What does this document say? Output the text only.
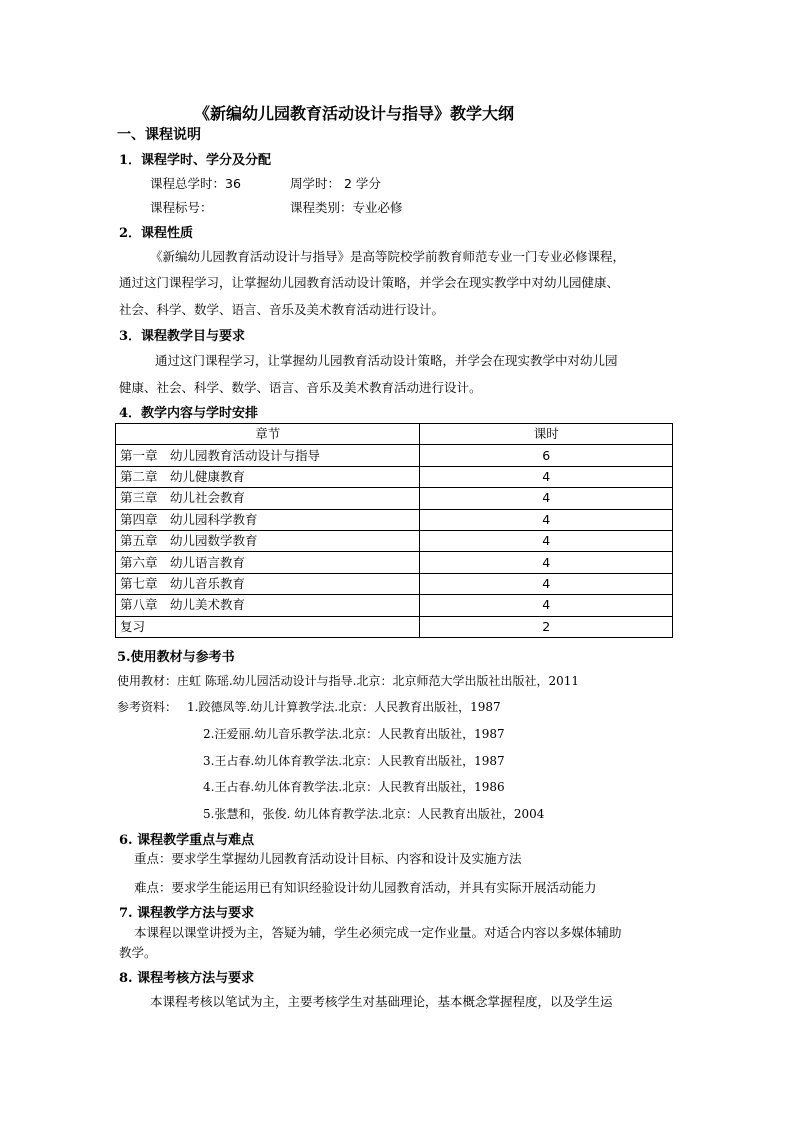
《新编幼儿园教育活动设计与指导》教学大纲
一、课程说明
1．课程学时、学分及分配
课程总学时：36	周学时： 2 学分
课程标号：	课程类别：专业必修
2．课程性质
《新编幼儿园教育活动设计与指导》是高等院校学前教育师范专业一门专业必修课程，
通过这门课程学习，让掌握幼儿园教育活动设计策略，并学会在现实教学中对幼儿园健康、
社会、科学、数学、语言、音乐及美术教育活动进行设计。
3．课程教学目与要求
通过这门课程学习，让掌握幼儿园教育活动设计策略，并学会在现实教学中对幼儿园
健康、社会、科学、数学、语言、音乐及美术教育活动进行设计。
4．教学内容与学时安排
章节	课时
第一章　幼儿园教育活动设计与指导	6
第二章　幼儿健康教育	4
第三章　幼儿社会教育	4
第四章　幼儿园科学教育	4
第五章　幼儿园数学教育	4
第六章　幼儿语言教育	4
第七章　幼儿音乐教育	4
第八章　幼儿美术教育	4
复习	2
5.使用教材与参考书
使用教材：庄虹 陈瑶.幼儿园活动设计与指导.北京：北京师范大学出版社出版社，2011
参考资料： 1.跤德凤等.幼儿计算教学法.北京：人民教育出版社，1987
2.汪爱丽.幼儿音乐教学法.北京：人民教育出版社，1987
3.王占春.幼儿体育教学法.北京：人民教育出版社，1987
4.王占春.幼儿体育教学法.北京：人民教育出版社，1986
5.张慧和，张俊. 幼儿体育教学法.北京：人民教育出版社，2004
6. 课程教学重点与难点
重点：要求学生掌握幼儿园教育活动设计目标、内容和设计及实施方法
难点：要求学生能运用已有知识经验设计幼儿园教育活动，并具有实际开展活动能力
7. 课程教学方法与要求
本课程以课堂讲授为主，答疑为辅，学生必须完成一定作业量。对适合内容以多媒体辅助
教学。
8. 课程考核方法与要求
本课程考核以笔试为主，主要考核学生对基础理论，基本概念掌握程度，以及学生运
